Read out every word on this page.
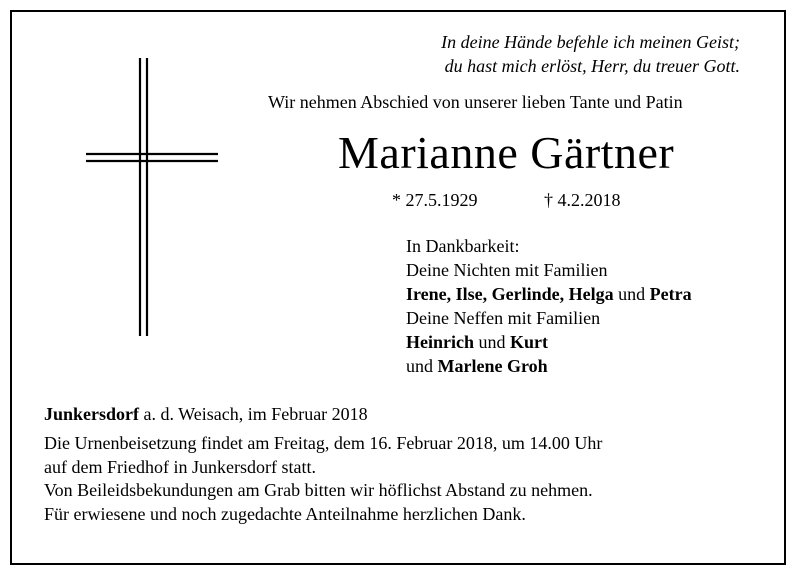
In deine Hände befehle ich meinen Geist;
du hast mich erlöst, Herr, du treuer Gott.
Wir nehmen Abschied von unserer lieben Tante und Patin
Marianne Gärtner
* 27.5.1929	† 4.2.2018
In Dankbarkeit:
Deine Nichten mit Familien
Irene, Ilse, Gerlinde, Helga und Petra
Deine Neffen mit Familien
Heinrich und Kurt
und Marlene Groh
Junkersdorf a. d. Weisach, im Februar 2018
Die Urnenbeisetzung findet am Freitag, dem 16. Februar 2018, um 14.00 Uhr
auf dem Friedhof in Junkersdorf statt.
Von Beileidsbekundungen am Grab bitten wir höflichst Abstand zu nehmen.
Für erwiesene und noch zugedachte Anteilnahme herzlichen Dank.
